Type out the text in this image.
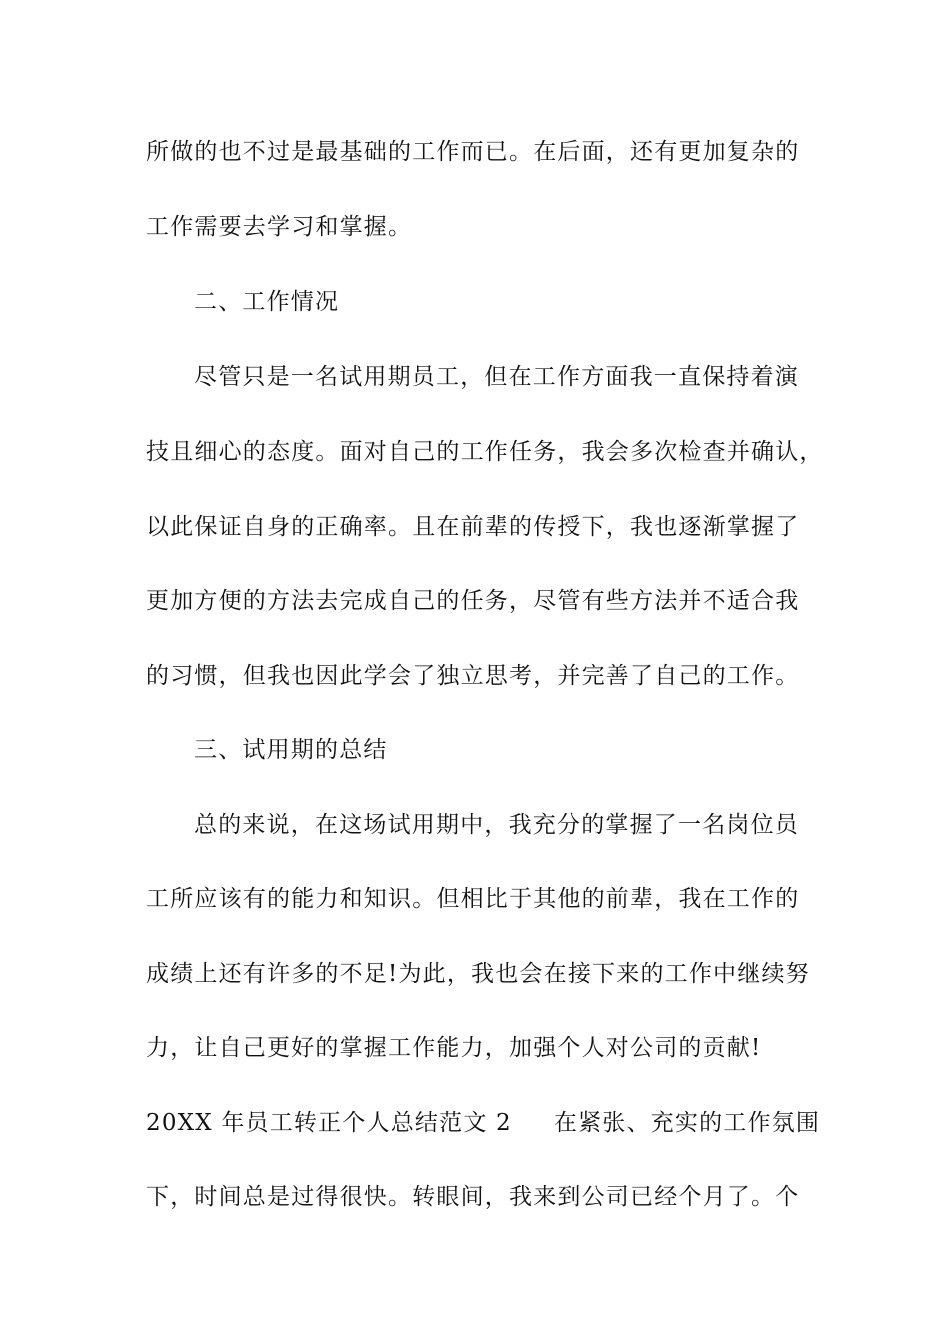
所做的也不过是最基础的工作而已。在后面，还有更加复杂的
工作需要去学习和掌握。
二、工作情况
尽管只是一名试用期员工，但在工作方面我一直保持着演
技且细心的态度。面对自己的工作任务，我会多次检查并确认，
以此保证自身的正确率。且在前辈的传授下，我也逐渐掌握了
更加方便的方法去完成自己的任务，尽管有些方法并不适合我
的习惯，但我也因此学会了独立思考，并完善了自己的工作。
三、试用期的总结
总的来说，在这场试用期中，我充分的掌握了一名岗位员
工所应该有的能力和知识。但相比于其他的前辈，我在工作的
成绩上还有许多的不足!为此，我也会在接下来的工作中继续努
力，让自己更好的掌握工作能力，加强个人对公司的贡献!
20XX 年员工转正个人总结范文 2 在紧张、充实的工作氛围
下，时间总是过得很快。转眼间，我来到公司已经个月了。个
